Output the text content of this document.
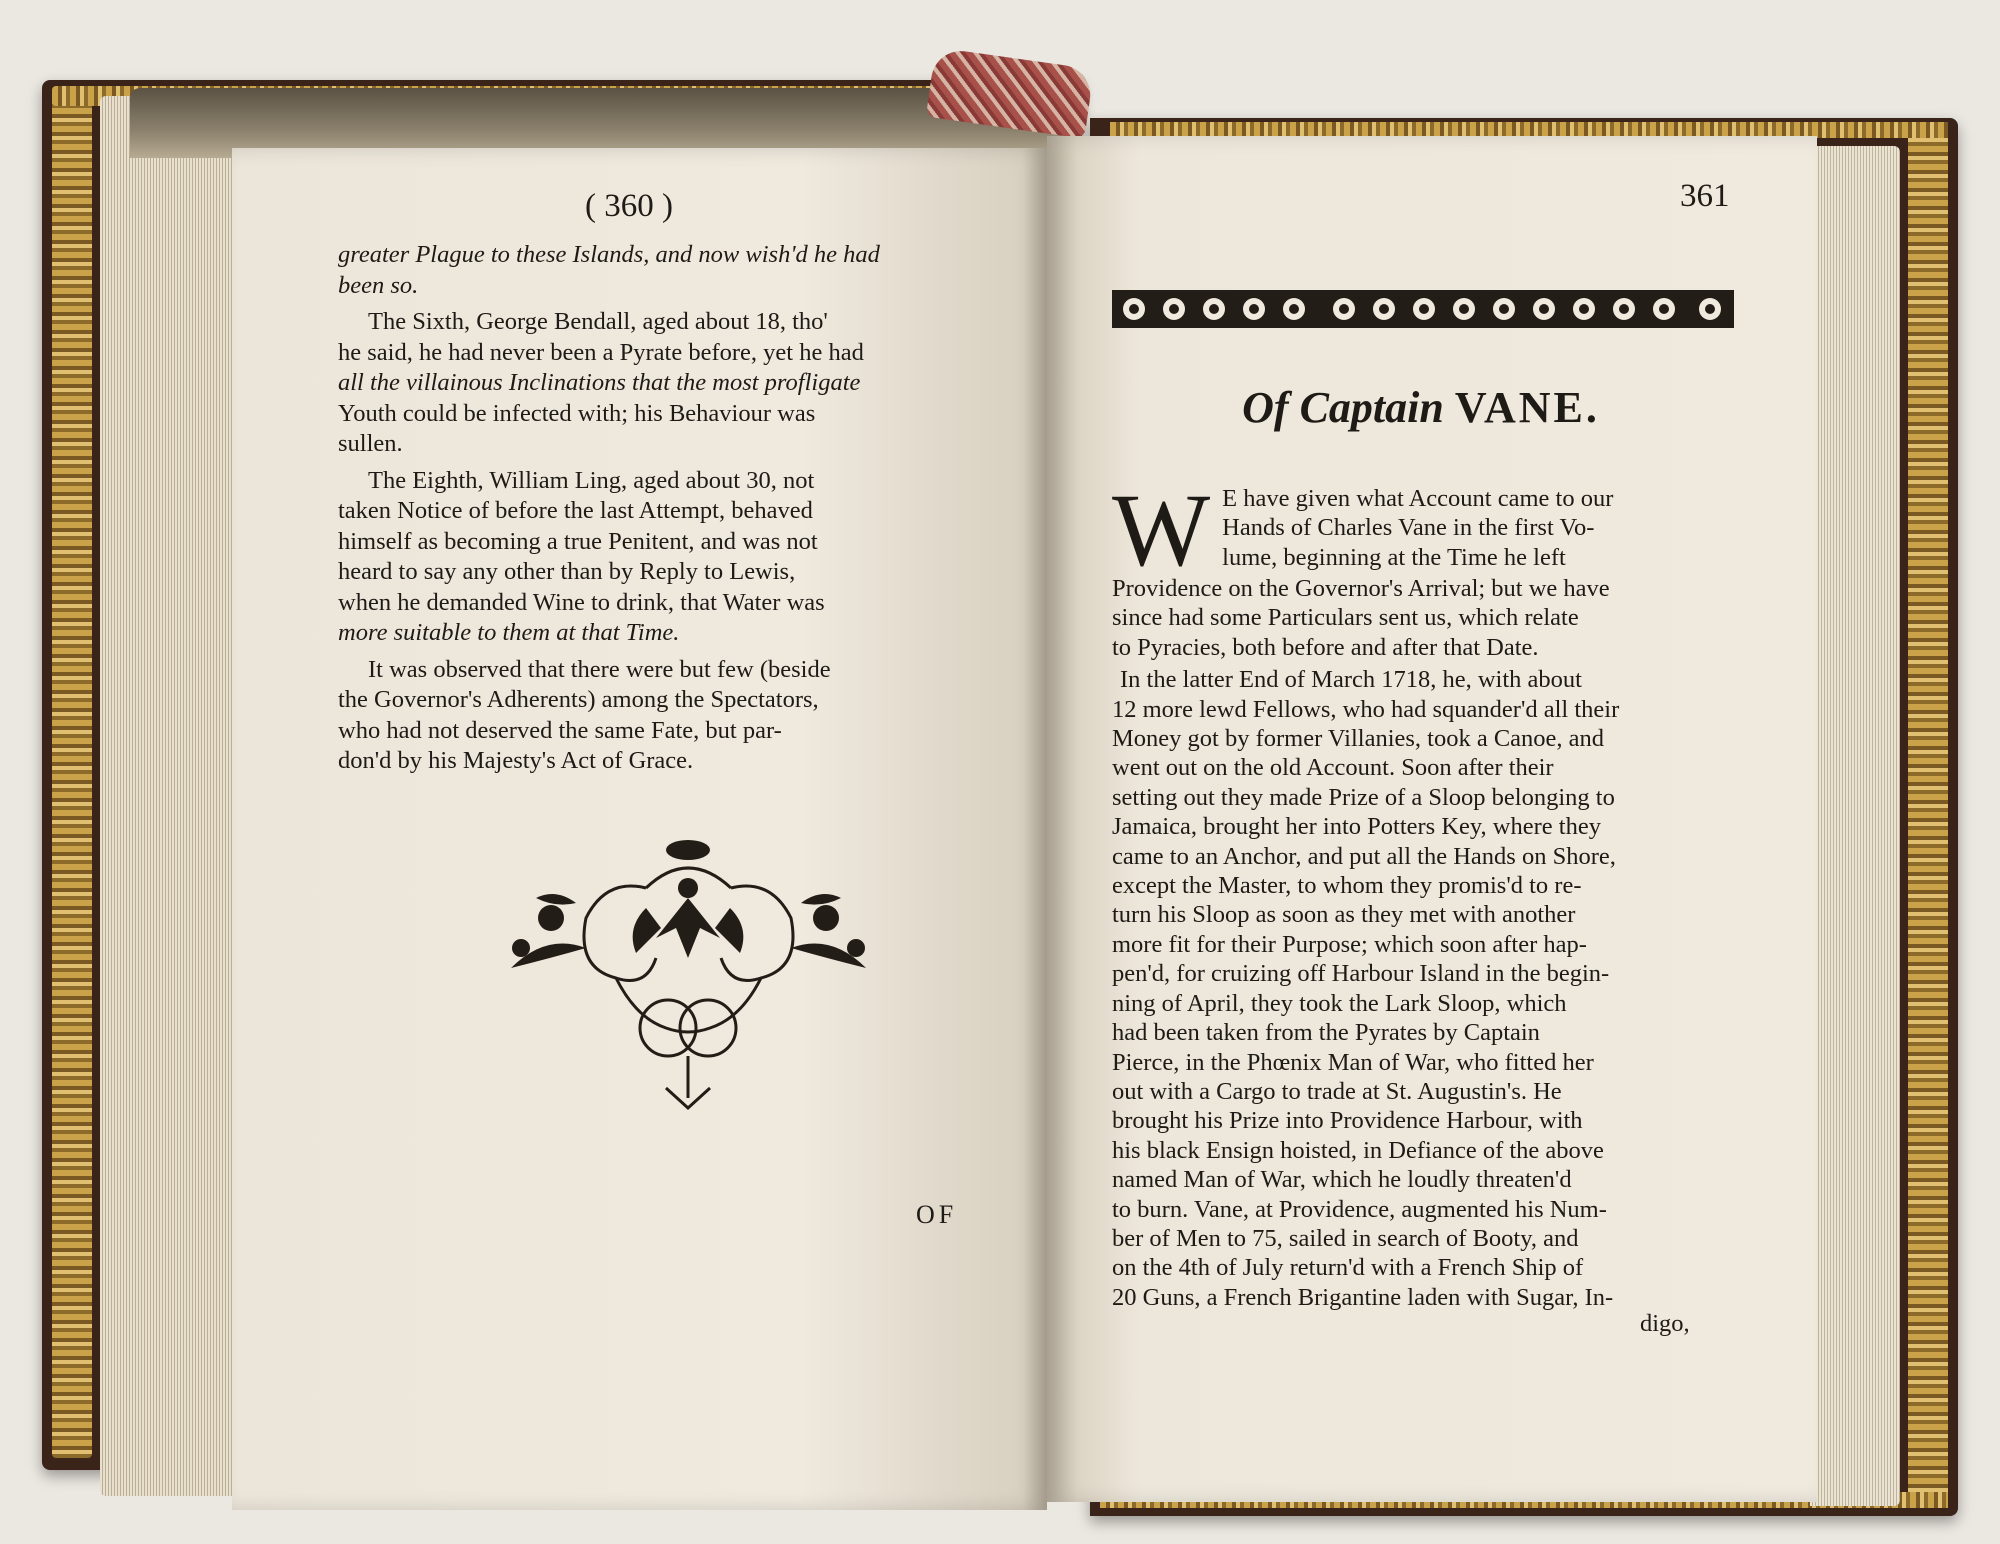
( 360 )

greater Plague to these Islands, and now wish'd he had
been so.

The Sixth, George Bendall, aged about 18, tho'
he said, he had never been a Pyrate before, yet he had
all the villainous Inclinations that the most profligate
Youth could be infected with; his Behaviour was
sullen.

The Eighth, William Ling, aged about 30, not
taken Notice of before the last Attempt, behaved
himself as becoming a true Penitent, and was not
heard to say any other than by Reply to Lewis,
when he demanded Wine to drink, that Water was
more suitable to them at that Time.

It was observed that there were but few (beside
the Governor's Adherents) among the Spectators,
who had not deserved the same Fate, but par-
don'd by his Majesty's Act of Grace.

OF

361

Of Captain VANE.

W E have given what Account came to our
Hands of Charles Vane in the first Vo-
lume, beginning at the Time he left
Providence on the Governor's Arrival; but we have
since had some Particulars sent us, which relate
to Pyracies, both before and after that Date.

In the latter End of March 1718, he, with about
12 more lewd Fellows, who had squander'd all their
Money got by former Villanies, took a Canoe, and
went out on the old Account. Soon after their
setting out they made Prize of a Sloop belonging to
Jamaica, brought her into Potters Key, where they
came to an Anchor, and put all the Hands on Shore,
except the Master, to whom they promis'd to re-
turn his Sloop as soon as they met with another
more fit for their Purpose; which soon after hap-
pen'd, for cruizing off Harbour Island in the begin-
ning of April, they took the Lark Sloop, which
had been taken from the Pyrates by Captain
Pierce, in the Phœnix Man of War, who fitted her
out with a Cargo to trade at St. Augustin's. He
brought his Prize into Providence Harbour, with
his black Ensign hoisted, in Defiance of the above
named Man of War, which he loudly threaten'd
to burn. Vane, at Providence, augmented his Num-
ber of Men to 75, sailed in search of Booty, and
on the 4th of July return'd with a French Ship of
20 Guns, a French Brigantine laden with Sugar, In-

digo,
